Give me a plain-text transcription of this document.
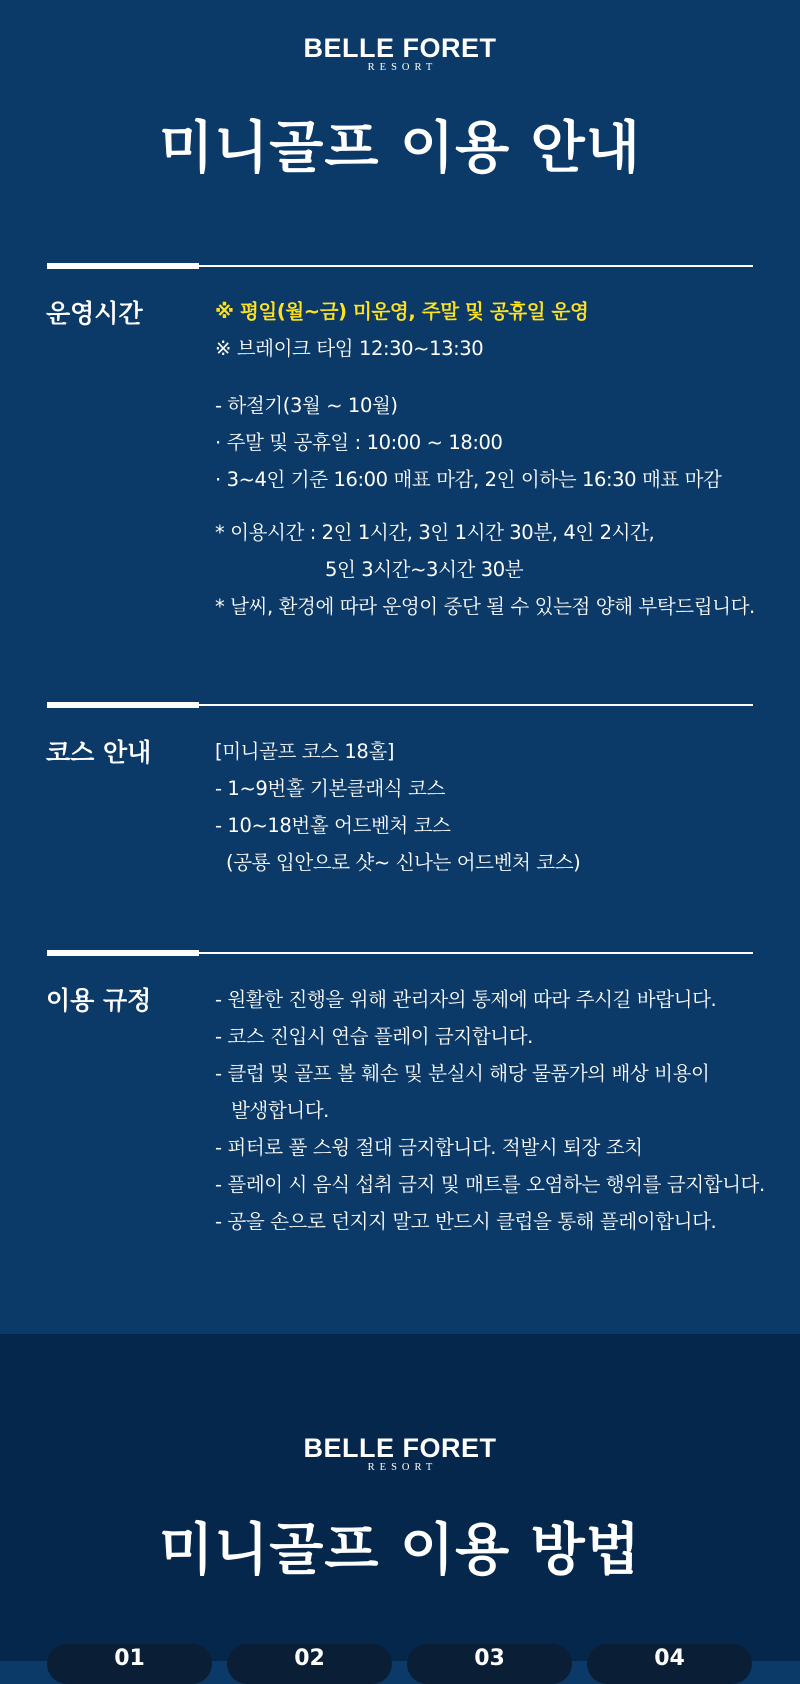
BELLE FORET
RESORT
미니골프 이용 안내
운영시간	※ 평일(월~금) 미운영, 주말 및 공휴일 운영
※ 브레이크 타임 12:30~13:30
- 하절기(3월 ~ 10월)
· 주말 및 공휴일 : 10:00 ~ 18:00
· 3~4인 기준 16:00 매표 마감, 2인 이하는 16:30 매표 마감
* 이용시간 : 2인 1시간, 3인 1시간 30분, 4인 2시간,
5인 3시간~3시간 30분
* 날씨, 환경에 따라 운영이 중단 될 수 있는점 양해 부탁드립니다.
코스 안내	[미니골프 코스 18홀]
- 1~9번홀 기본클래식 코스
- 10~18번홀 어드벤처 코스
(공룡 입안으로 샷~ 신나는 어드벤처 코스)
이용 규정	- 원활한 진행을 위해 관리자의 통제에 따라 주시길 바랍니다.
- 코스 진입시 연습 플레이 금지합니다.
- 클럽 및 골프 볼 훼손 및 분실시 해당 물품가의 배상 비용이
발생합니다.
- 퍼터로 풀 스윙 절대 금지합니다. 적발시 퇴장 조치
- 플레이 시 음식 섭취 금지 및 매트를 오염하는 행위를 금지합니다.
- 공을 손으로 던지지 말고 반드시 클럽을 통해 플레이합니다.
BELLE FORET
RESORT
미니골프 이용 방법
01	02	03	04
